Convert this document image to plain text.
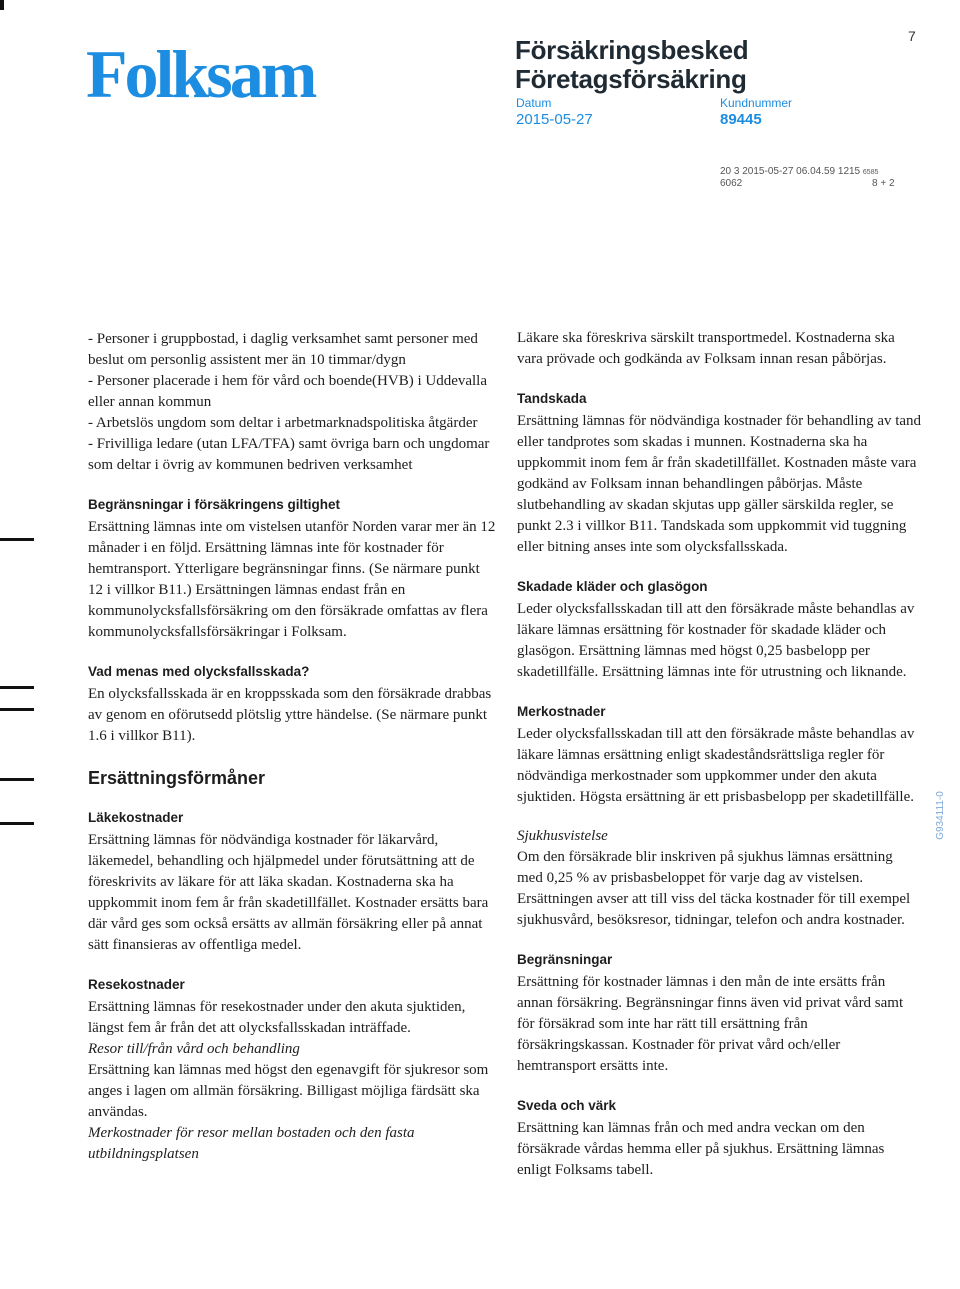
Folksam	7
Försäkringsbesked
Företagsförsäkring
Datum
2015-05-27
Kundnummer
89445
20 3 2015-05-27 06.04.59 1215 6585
6062	8 + 2
G934111-0
- Personer i gruppbostad, i daglig verksamhet samt personer med beslut om personlig assistent mer än 10 timmar/dygn
- Personer placerade i hem för vård och boende(HVB) i Uddevalla eller annan kommun
- Arbetslös ungdom som deltar i arbetmarknadspolitiska åtgärder
- Frivilliga ledare (utan LFA/TFA) samt övriga barn och ungdomar som deltar i övrig av kommunen bedriven verksamhet
Begränsningar i försäkringens giltighet
Ersättning lämnas inte om vistelsen utanför Norden varar mer än 12 månader i en följd. Ersättning lämnas inte för kostnader för hemtransport. Ytterligare begränsningar finns. (Se närmare punkt 12 i villkor B11.) Ersättningen lämnas endast från en kommunolycksfallsförsäkring om den försäkrade omfattas av flera kommunolycksfallsförsäkringar i Folksam.
Vad menas med olycksfallsskada?
En olycksfallsskada är en kroppsskada som den försäkrade drabbas av genom en oförutsedd plötslig yttre händelse. (Se närmare punkt 1.6 i villkor B11).
Ersättningsförmåner
Läkekostnader
Ersättning lämnas för nödvändiga kostnader för läkarvård, läkemedel, behandling och hjälpmedel under förutsättning att de föreskrivits av läkare för att läka skadan. Kostnaderna ska ha uppkommit inom fem år från skadetillfället. Kostnader ersätts bara där vård ges som också ersätts av allmän försäkring eller på annat sätt finansieras av offentliga medel.
Resekostnader
Ersättning lämnas för resekostnader under den akuta sjuktiden, längst fem år från det att olycksfallsskadan inträffade.
Resor till/från vård och behandling
Ersättning kan lämnas med högst den egenavgift för sjukresor som anges i lagen om allmän försäkring. Billigast möjliga färdsätt ska användas.
Merkostnader för resor mellan bostaden och den fasta utbildningsplatsen
Läkare ska föreskriva särskilt transportmedel. Kostnaderna ska vara prövade och godkända av Folksam innan resan påbörjas.
Tandskada
Ersättning lämnas för nödvändiga kostnader för behandling av tand eller tandprotes som skadas i munnen. Kostnaderna ska ha uppkommit inom fem år från skadetillfället. Kostnaden måste vara godkänd av Folksam innan behandlingen påbörjas. Måste slutbehandling av skadan skjutas upp gäller särskilda regler, se punkt 2.3 i villkor B11. Tandskada som uppkommit vid tuggning eller bitning anses inte som olycksfallsskada.
Skadade kläder och glasögon
Leder olycksfallsskadan till att den försäkrade måste behandlas av läkare lämnas ersättning för kostnader för skadade kläder och glasögon. Ersättning lämnas med högst 0,25 basbelopp per skadetillfälle. Ersättning lämnas inte för utrustning och liknande.
Merkostnader
Leder olycksfallsskadan till att den försäkrade måste behandlas av läkare lämnas ersättning enligt skadeståndsrättsliga regler för nödvändiga merkostnader som uppkommer under den akuta sjuktiden. Högsta ersättning är ett prisbasbelopp per skadetillfälle.
Sjukhusvistelse
Om den försäkrade blir inskriven på sjukhus lämnas ersättning med 0,25 % av prisbasbeloppet för varje dag av vistelsen. Ersättningen avser att till viss del täcka kostnader för till exempel sjukhusvård, besöksresor, tidningar, telefon och andra kostnader.
Begränsningar
Ersättning för kostnader lämnas i den mån de inte ersätts från annan försäkring. Begränsningar finns även vid privat vård samt för försäkrad som inte har rätt till ersättning från försäkringskassan. Kostnader för privat vård och/eller hemtransport ersätts inte.
Sveda och värk
Ersättning kan lämnas från och med andra veckan om den försäkrade vårdas hemma eller på sjukhus. Ersättning lämnas enligt Folksams tabell.
